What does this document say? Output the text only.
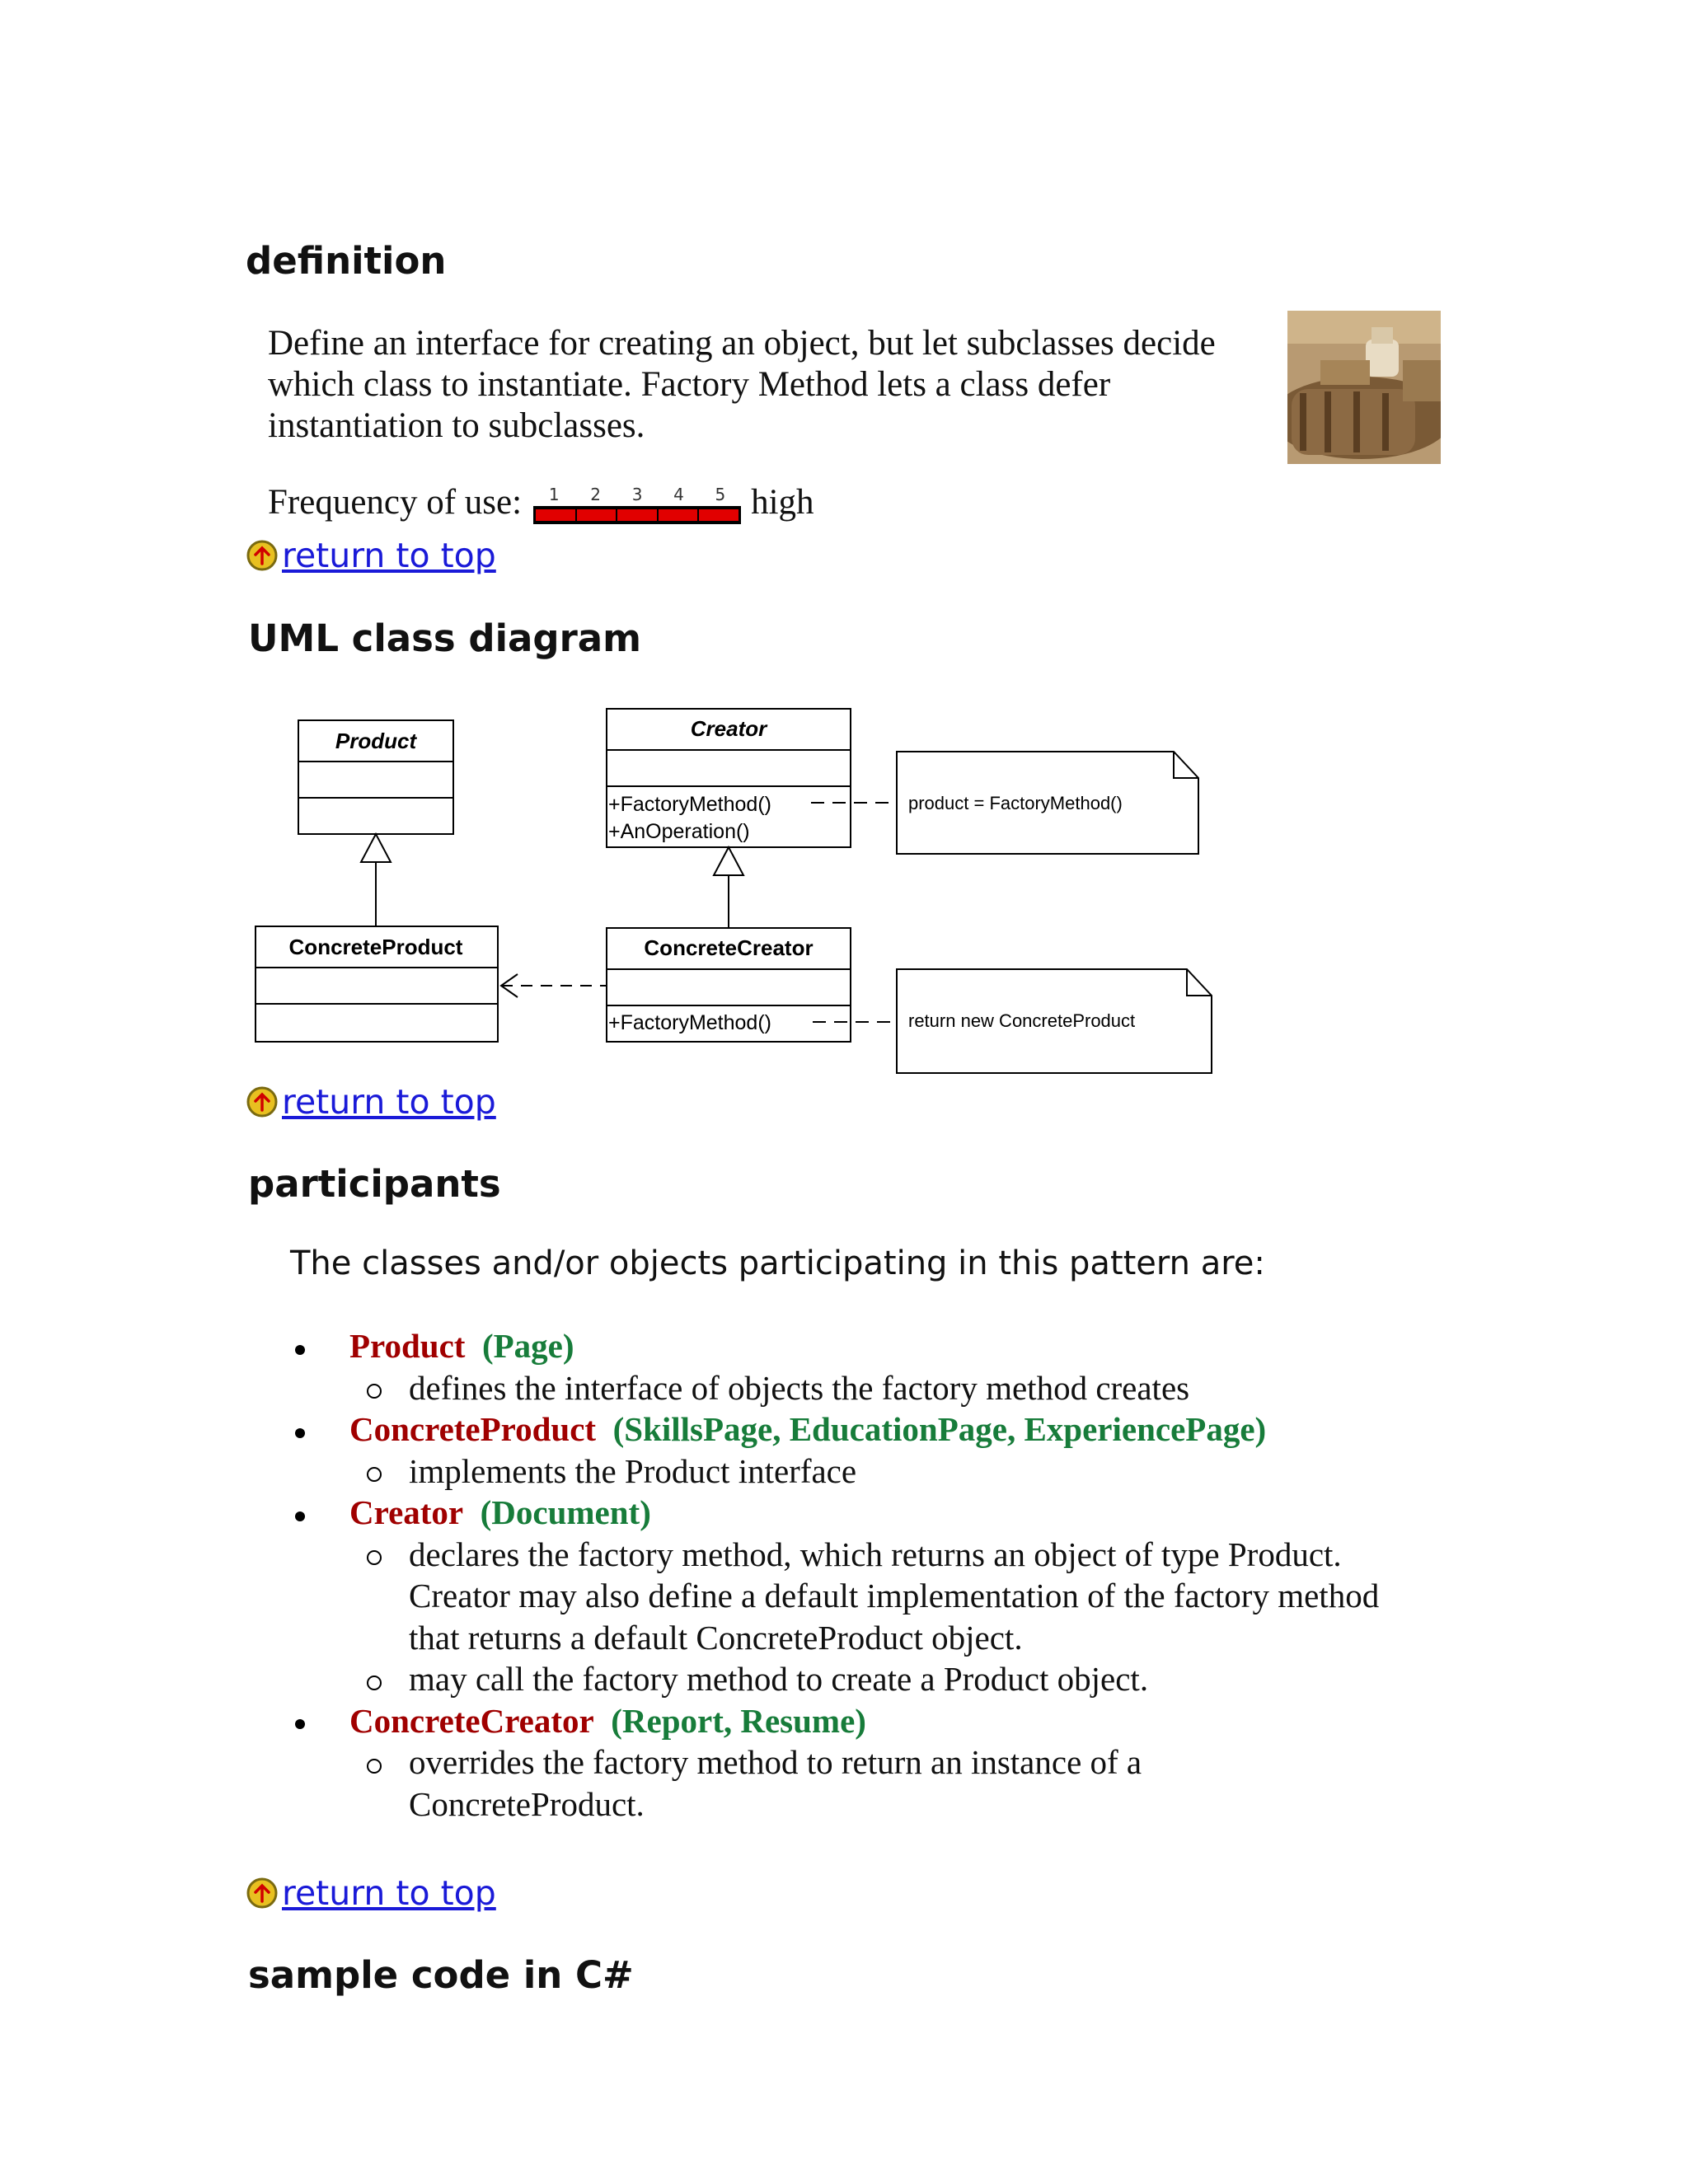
definition
Define an interface for creating an object, but let subclasses decide which class to instantiate. Factory Method lets a class defer instantiation to subclasses.
Frequency of use: 1 2 3 4 5 high
return to top
UML class diagram
Product
ConcreteProduct
Creator
+FactoryMethod()
+AnOperation()
product = FactoryMethod()
ConcreteCreator
+FactoryMethod()	return new ConcreteProduct
return to top
participants
The classes and/or objects participating in this pattern are:
Product (Page)
defines the interface of objects the factory method creates
ConcreteProduct (SkillsPage, EducationPage, ExperiencePage)
implements the Product interface
Creator (Document)
declares the factory method, which returns an object of type Product. Creator may also define a default implementation of the factory method that returns a default ConcreteProduct object.
may call the factory method to create a Product object.
ConcreteCreator (Report, Resume)
overrides the factory method to return an instance of a ConcreteProduct.
return to top
sample code in C#
